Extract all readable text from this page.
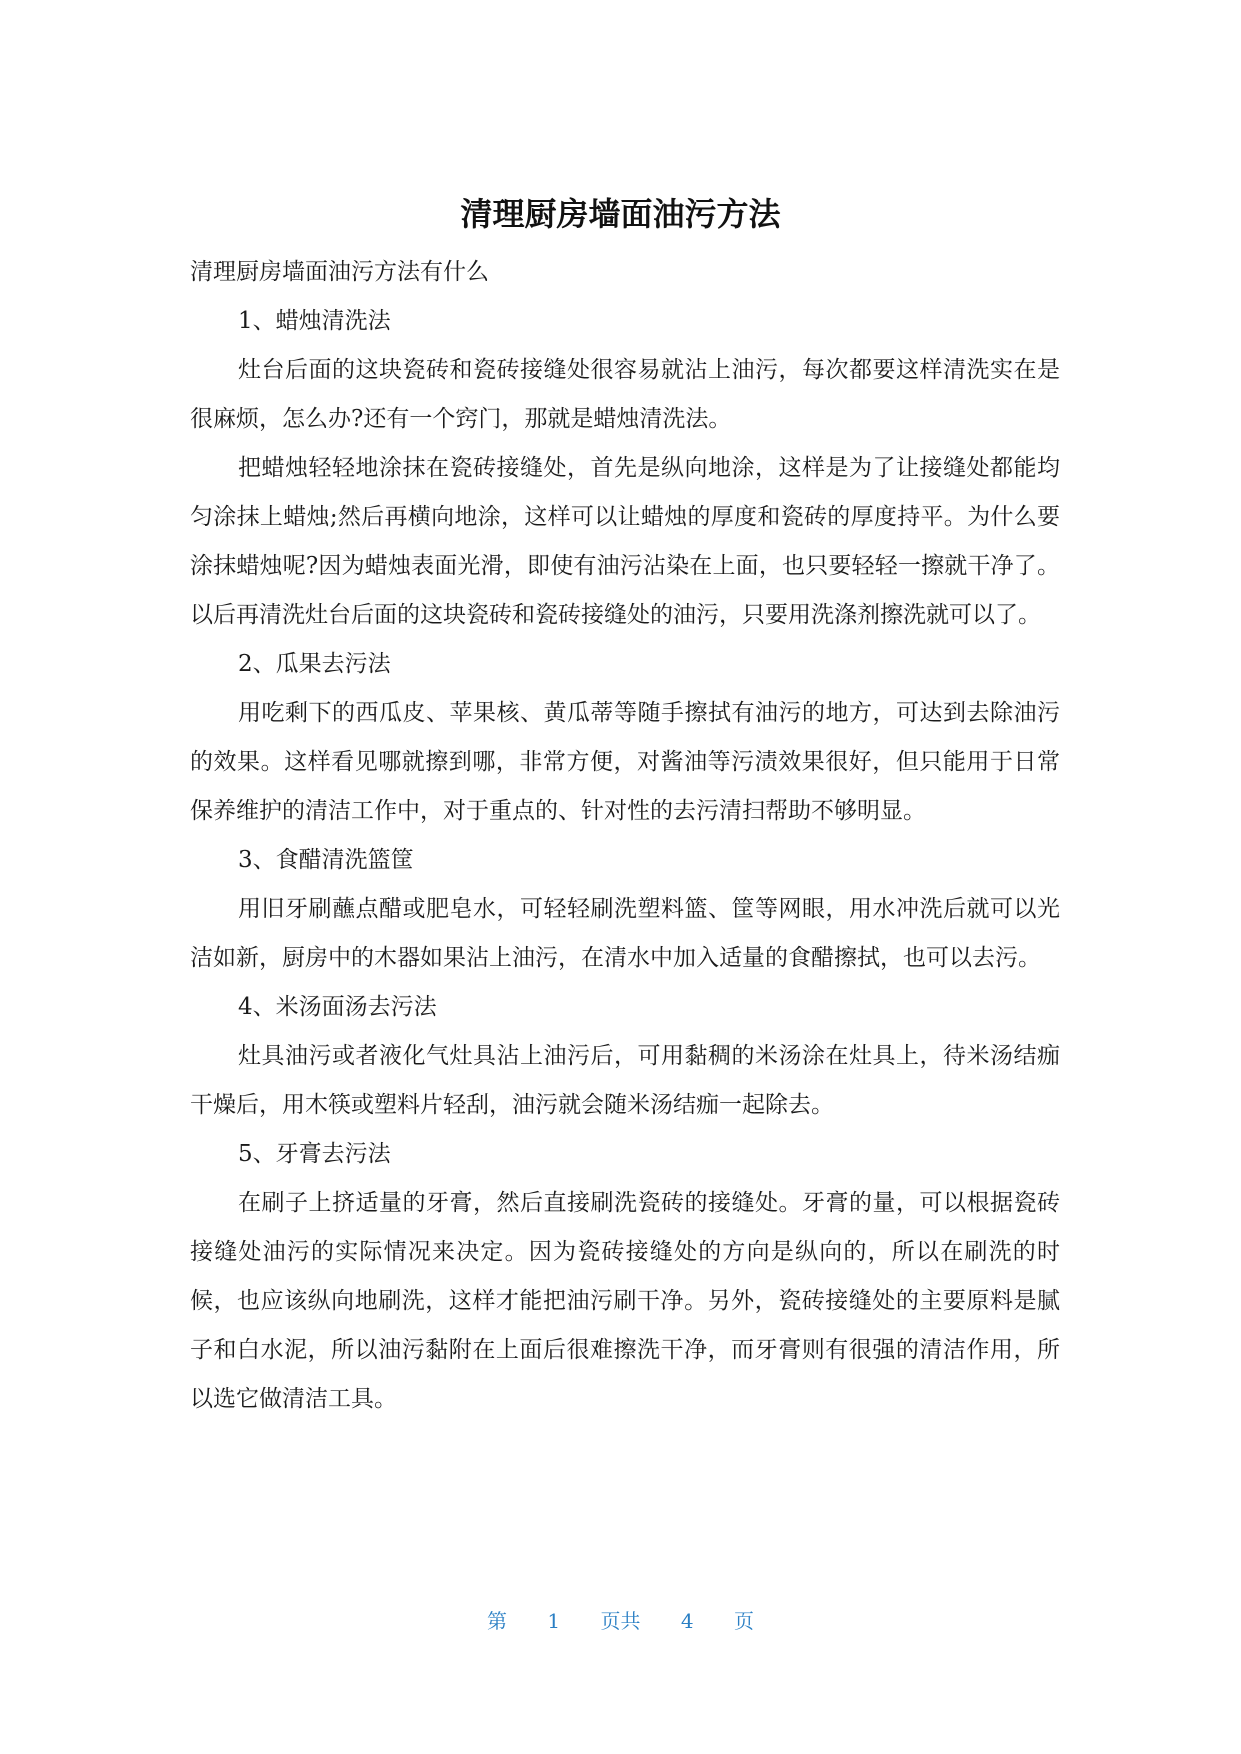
清理厨房墙面油污方法

清理厨房墙面油污方法有什么

1、蜡烛清洗法

灶台后面的这块瓷砖和瓷砖接缝处很容易就沾上油污，每次都要这样清洗实在是很麻烦，怎么办?还有一个窍门，那就是蜡烛清洗法。

把蜡烛轻轻地涂抹在瓷砖接缝处，首先是纵向地涂，这样是为了让接缝处都能均匀涂抹上蜡烛;然后再横向地涂，这样可以让蜡烛的厚度和瓷砖的厚度持平。为什么要涂抹蜡烛呢?因为蜡烛表面光滑，即使有油污沾染在上面，也只要轻轻一擦就干净了。以后再清洗灶台后面的这块瓷砖和瓷砖接缝处的油污，只要用洗涤剂擦洗就可以了。

2、瓜果去污法

用吃剩下的西瓜皮、苹果核、黄瓜蒂等随手擦拭有油污的地方，可达到去除油污的效果。这样看见哪就擦到哪，非常方便，对酱油等污渍效果很好，但只能用于日常保养维护的清洁工作中，对于重点的、针对性的去污清扫帮助不够明显。

3、食醋清洗篮筐

用旧牙刷蘸点醋或肥皂水，可轻轻刷洗塑料篮、筐等网眼，用水冲洗后就可以光洁如新，厨房中的木器如果沾上油污，在清水中加入适量的食醋擦拭，也可以去污。

4、米汤面汤去污法

灶具油污或者液化气灶具沾上油污后，可用黏稠的米汤涂在灶具上，待米汤结痂干燥后，用木筷或塑料片轻刮，油污就会随米汤结痂一起除去。

5、牙膏去污法

在刷子上挤适量的牙膏，然后直接刷洗瓷砖的接缝处。牙膏的量，可以根据瓷砖接缝处油污的实际情况来决定。因为瓷砖接缝处的方向是纵向的，所以在刷洗的时候，也应该纵向地刷洗，这样才能把油污刷干净。另外，瓷砖接缝处的主要原料是腻子和白水泥，所以油污黏附在上面后很难擦洗干净，而牙膏则有很强的清洁作用，所以选它做清洁工具。

第 1 页共 4 页
